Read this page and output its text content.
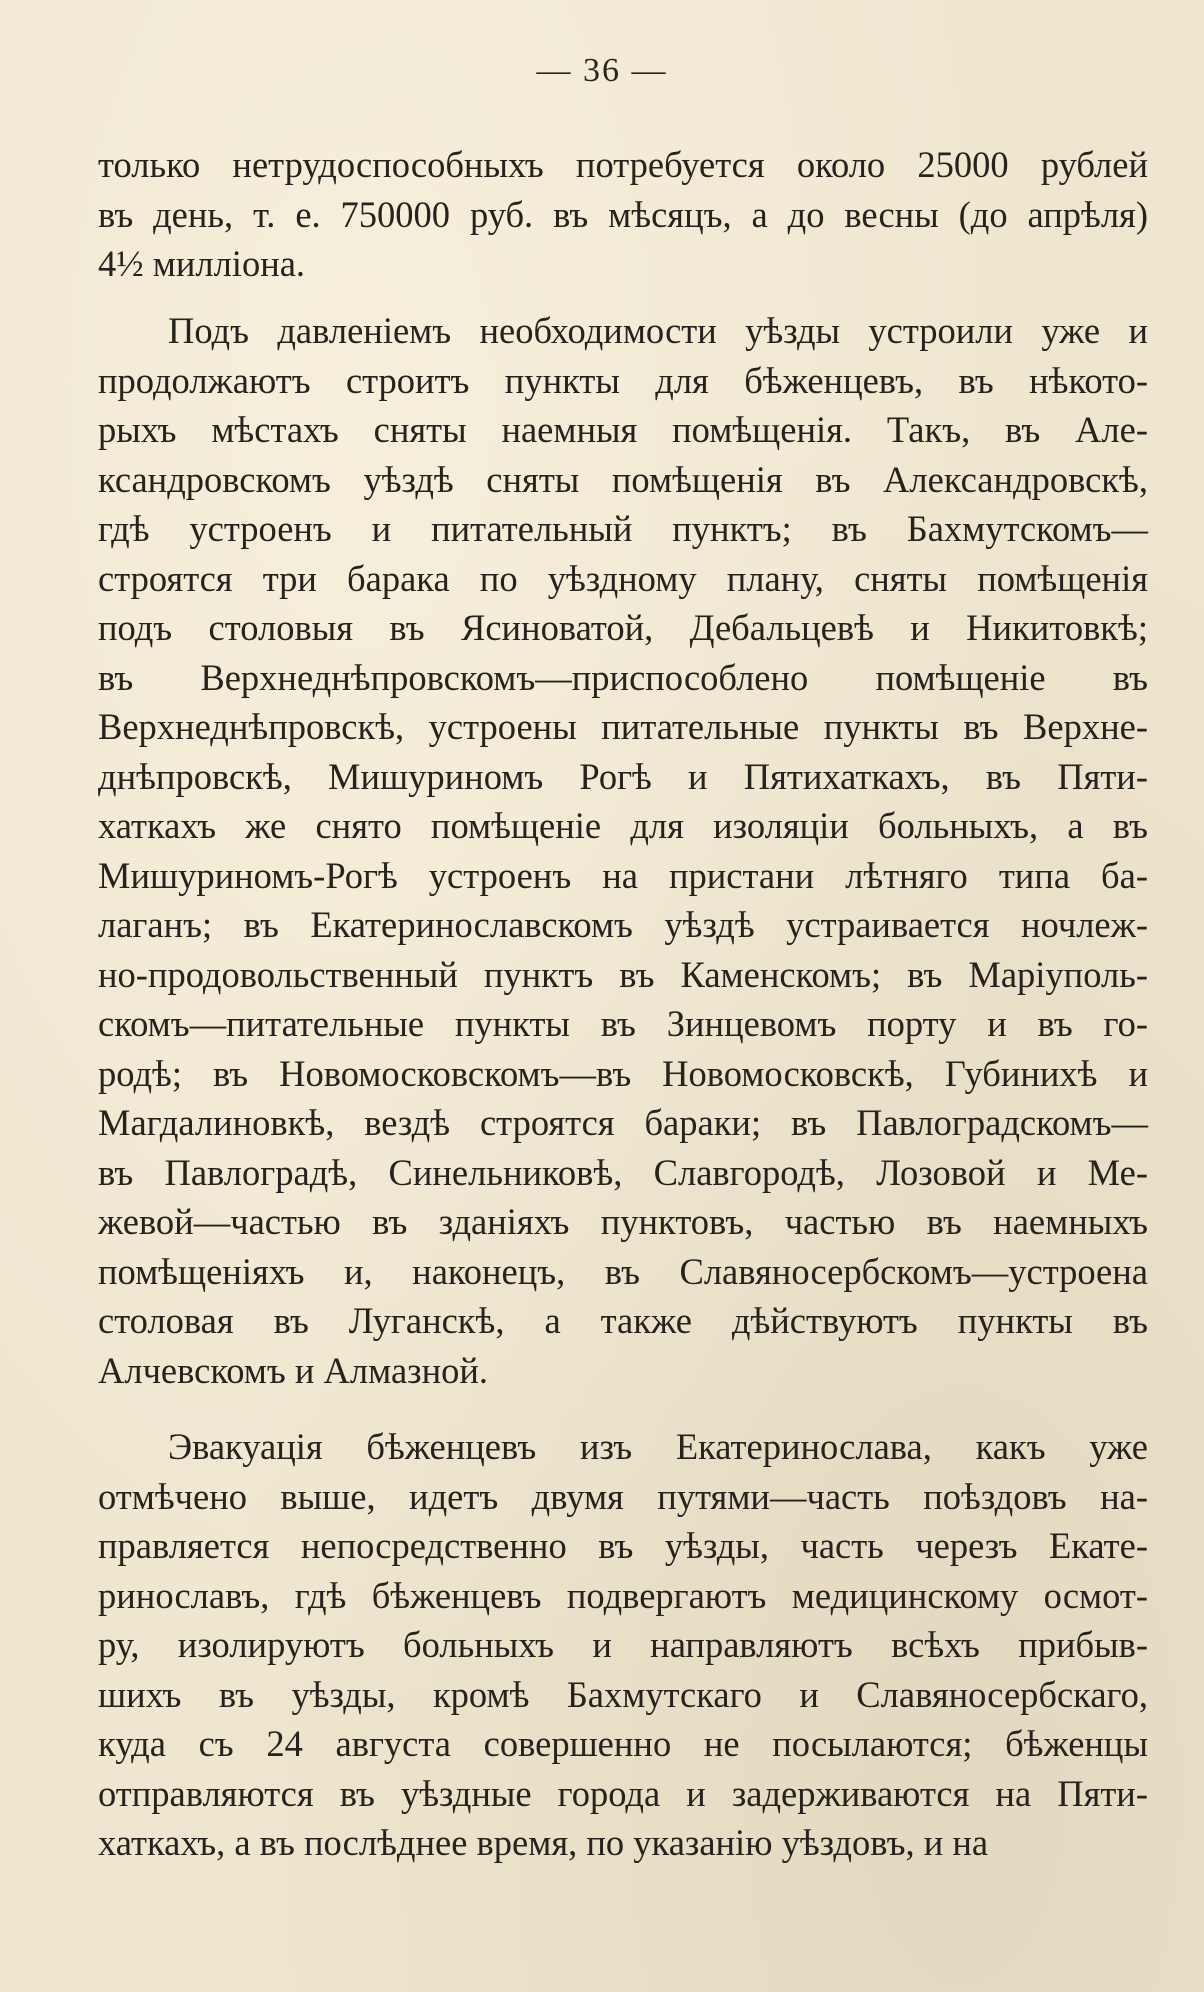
— 36 —
только нетрудоспособныхъ потребуется около 25000 рублей
въ день, т. е. 750000 руб. въ мѣсяцъ, а до весны (до апрѣля)
4½ милліона.
Подъ давленіемъ необходимости уѣзды устроили уже и
продолжаютъ строитъ пункты для бѣженцевъ, въ нѣкото-
рыхъ мѣстахъ сняты наемныя помѣщенія. Такъ, въ Але-
ксандровскомъ уѣздѣ сняты помѣщенія въ Александровскѣ,
гдѣ устроенъ и питательный пунктъ; въ Бахмутскомъ—
строятся три барака по уѣздному плану, сняты помѣщенія
подъ столовыя въ Ясиноватой, Дебальцевѣ и Никитовкѣ;
въ Верхнеднѣпровскомъ—приспособлено помѣщеніе въ
Верхнеднѣпровскѣ, устроены питательные пункты въ Верхне-
днѣпровскѣ, Мишуриномъ Рогѣ и Пятихаткахъ, въ Пяти-
хаткахъ же снято помѣщеніе для изоляціи больныхъ, а въ
Мишуриномъ-Рогѣ устроенъ на пристани лѣтняго типа ба-
лаганъ; въ Екатеринославскомъ уѣздѣ устраивается ночлеж-
но-продовольственный пунктъ въ Каменскомъ; въ Маріуполь-
скомъ—питательные пункты въ Зинцевомъ порту и въ го-
родѣ; въ Новомосковскомъ—въ Новомосковскѣ, Губинихѣ и
Магдалиновкѣ, вездѣ строятся бараки; въ Павлоградскомъ—
въ Павлоградѣ, Синельниковѣ, Славгородѣ, Лозовой и Ме-
жевой—частью въ зданіяхъ пунктовъ, частью въ наемныхъ
помѣщеніяхъ и, наконецъ, въ Славяносербскомъ—устроена
столовая въ Луганскѣ, а также дѣйствуютъ пункты въ
Алчевскомъ и Алмазной.
Эвакуація бѣженцевъ изъ Екатеринослава, какъ уже
отмѣчено выше, идетъ двумя путями—часть поѣздовъ на-
правляется непосредственно въ уѣзды, часть черезъ Екате-
ринославъ, гдѣ бѣженцевъ подвергаютъ медицинскому осмот-
ру, изолируютъ больныхъ и направляютъ всѣхъ прибыв-
шихъ въ уѣзды, кромѣ Бахмутскаго и Славяносербскаго,
куда съ 24 августа совершенно не посылаются; бѣженцы
отправляются въ уѣздные города и задерживаются на Пяти-
хаткахъ, а въ послѣднее время, по указанію уѣздовъ, и на
